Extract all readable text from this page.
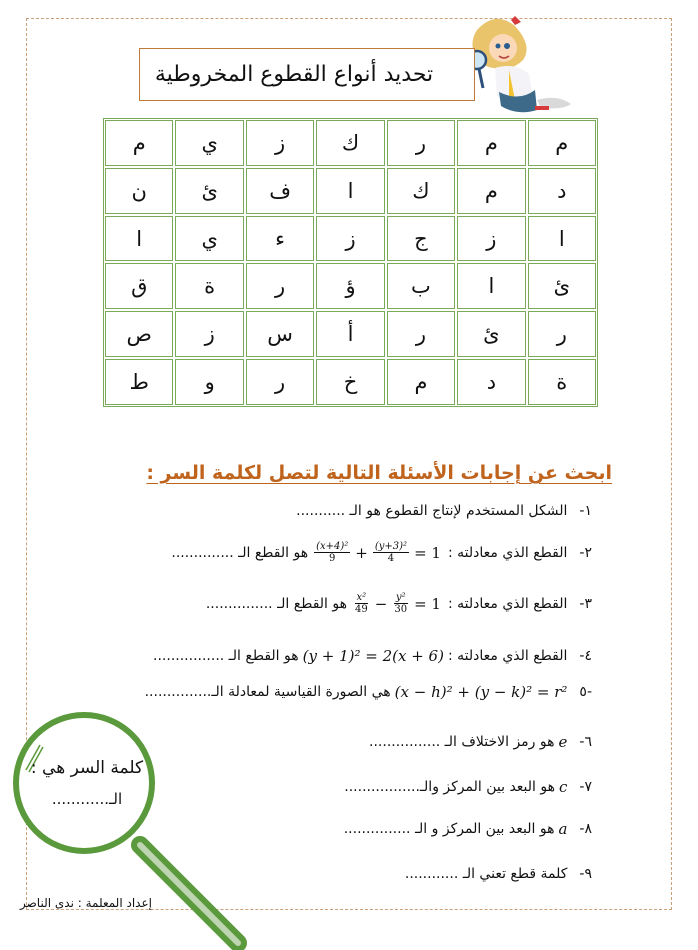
تحديد أنواع القطوع المخروطية
م
م
ر
ك
ز
ي
م
د
م
ك
ا
ف
ئ
ن
ا
ز
ج
ز
ء
ي
ا
ئ
ا
ب
ؤ
ر
ة
ق
ر
ئ
ر
أ
س
ز
ص
ة
د
م
خ
ر
و
ط
ابحث عن إجابات الأسئلة التالية لتصل لكلمة السر :
١-
الشكل المستخدم لإنتاج القطوع هو الـ ...........
٢-
القطع الذي معادلته :
$\frac{\text{(x+4)²}}{9} + \frac{\text{(y+3)²}}{4} = 1$
هو القطع الـ ..............
٣-
القطع الذي معادلته :
$\frac{\text{x²}}{49} - \frac{\text{y²}}{30} = 1$
هو القطع الـ ...............
٤-
القطع الذي معادلته :
(y + 1)² = 2(x + 6)
هو القطع الـ ................
-٥
(x − h)² + (y − k)² = r²
هي الصورة القياسية لمعادلة الـ...............
٦-
e
هو رمز الاختلاف الـ ................
٧-
c
هو البعد بين المركز والـ.................
٨-
a
هو البعد بين المركز و الـ ...............
٩-
كلمة قطع تعني الـ ............
كلمة السر هي :
الـ............
إعداد المعلمة : ندى الناصر
